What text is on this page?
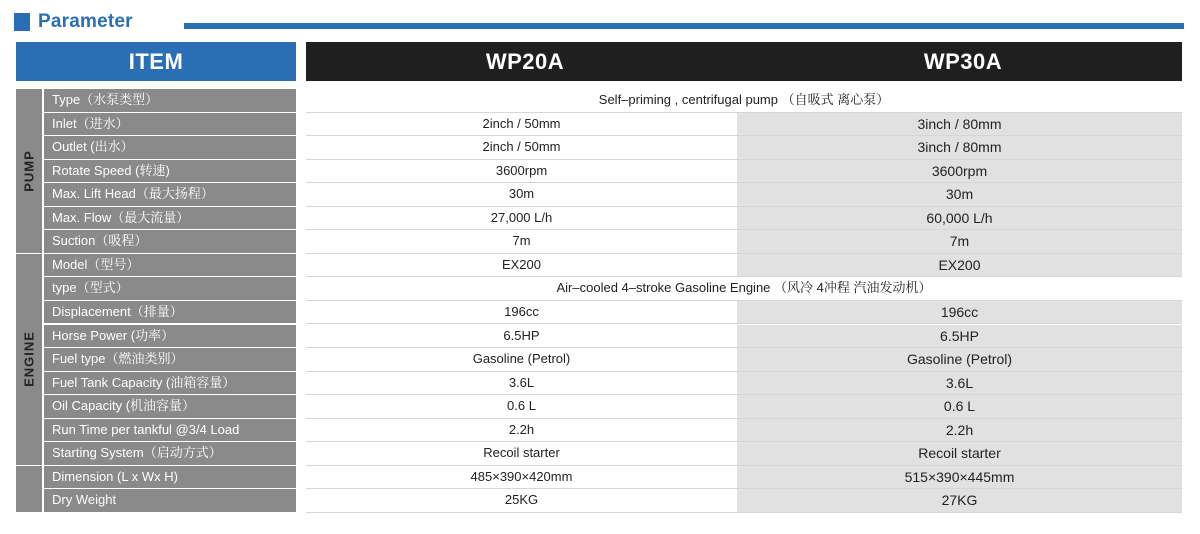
Parameter
ITEM	WP20A	WP30A
Type（水泵类型）	Self–priming , centrifugal pump （自吸式 离心泵）
Inlet（进水）	2inch / 50mm	3inch / 80mm
Outlet (出水）	2inch / 50mm	3inch / 80mm
Rotate Speed (转速)	3600rpm	3600rpm
Max. Lift Head（最大扬程）	30m	30m
Max. Flow（最大流量）	27,000 L/h	60,000 L/h
Suction（吸程）	7m	7m
Model（型号）	EX200	EX200
type（型式）	Air–cooled 4–stroke Gasoline Engine （风冷 4冲程 汽油发动机）
Displacement（排量）	196cc	196cc
Horse Power (功率）	6.5HP	6.5HP
Fuel type（燃油类别）	Gasoline (Petrol)	Gasoline (Petrol)
Fuel Tank Capacity (油箱容量）	3.6L	3.6L
Oil Capacity (机油容量）	0.6 L	0.6 L
Run Time per tankful @3/4 Load	2.2h	2.2h
Starting System（启动方式）	Recoil starter	Recoil starter
Dimension (L x Wx H)	485×390×420mm	515×390×445mm
Dry Weight	25KG	27KG
PUMP
ENGINE
